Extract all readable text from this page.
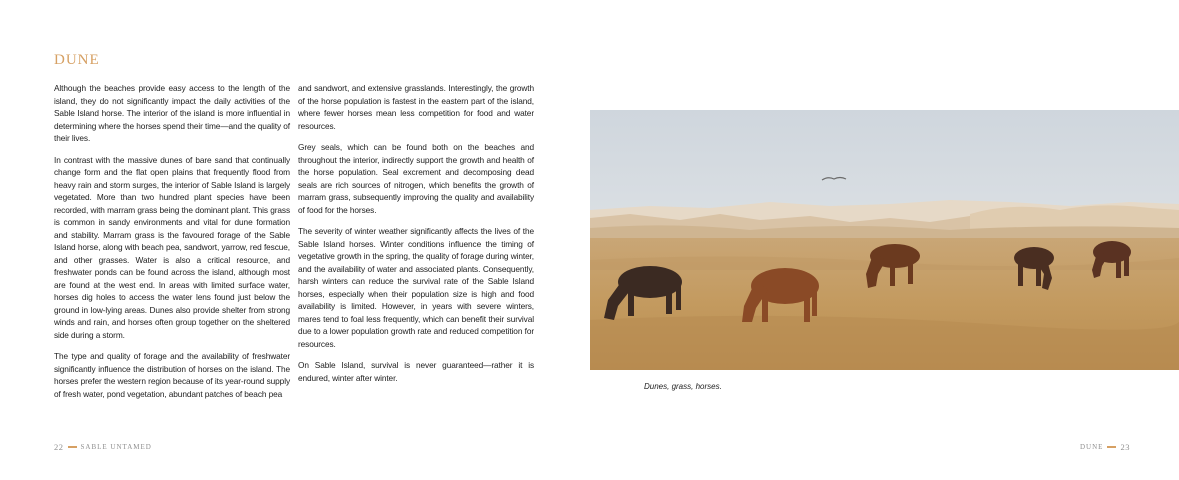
DUNE

Although the beaches provide easy access to the length of the island, they do not significantly impact the daily activities of the Sable Island horse. The interior of the island is more influential in determining where the horses spend their time—and the quality of their lives.

In contrast with the massive dunes of bare sand that continually change form and the flat open plains that frequently flood from heavy rain and storm surges, the interior of Sable Island is largely vegetated. More than two hundred plant species have been recorded, with marram grass being the dominant plant. This grass is common in sandy environments and vital for dune formation and stability. Marram grass is the favoured forage of the Sable Island horse, along with beach pea, sandwort, yarrow, red fescue, and other grasses. Water is also a critical resource, and freshwater ponds can be found across the island, although most are found at the west end. In areas with limited surface water, horses dig holes to access the water lens found just below the ground in low-lying areas. Dunes also provide shelter from strong winds and rain, and horses often group together on the sheltered side during a storm.

The type and quality of forage and the availability of freshwater significantly influence the distribution of horses on the island. The horses prefer the western region because of its year-round supply of fresh water, pond vegetation, abundant patches of beach pea

and sandwort, and extensive grasslands. Interestingly, the growth of the horse population is fastest in the eastern part of the island, where fewer horses mean less competition for food and water resources.

Grey seals, which can be found both on the beaches and throughout the interior, indirectly support the growth and health of the horse population. Seal excrement and decomposing dead seals are rich sources of nitrogen, which benefits the growth of marram grass, subsequently improving the quality and availability of food for the horses.

The severity of winter weather significantly affects the lives of the Sable Island horses. Winter conditions influence the timing of vegetative growth in the spring, the quality of forage during winter, and the availability of water and associated plants. Consequently, harsh winters can reduce the survival rate of the Sable Island horses, especially when their population size is high and food availability is limited. However, in years with severe winters, mares tend to foal less frequently, which can benefit their survival due to a lower population growth rate and reduced competition for resources.

On Sable Island, survival is never guaranteed—rather it is endured, winter after winter.

Dunes, grass, horses.
22 SABLE UNTAMED	DUNE 23
